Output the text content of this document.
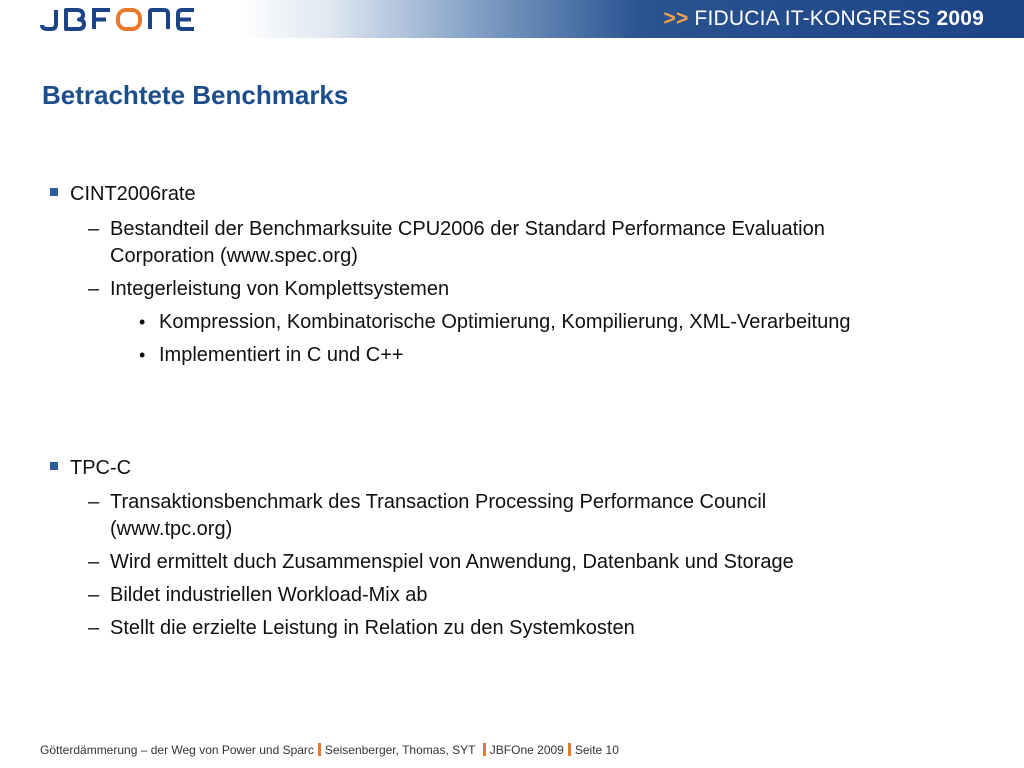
>> FIDUCIA IT-KONGRESS 2009
Betrachtete Benchmarks
CINT2006rate
– Bestandteil der Benchmarksuite CPU2006 der Standard Performance Evaluation
Corporation (www.spec.org)
– Integerleistung von Komplettsystemen
• Kompression, Kombinatorische Optimierung, Kompilierung, XML-Verarbeitung
• Implementiert in C und C++
TPC-C
– Transaktionsbenchmark des Transaction Processing Performance Council
(www.tpc.org)
– Wird ermittelt duch Zusammenspiel von Anwendung, Datenbank und Storage
– Bildet industriellen Workload-Mix ab
– Stellt die erzielte Leistung in Relation zu den Systemkosten
Götterdämmerung – der Weg von Power und Sparc Seisenberger, Thomas, SYT JBFOne 2009 Seite 10
